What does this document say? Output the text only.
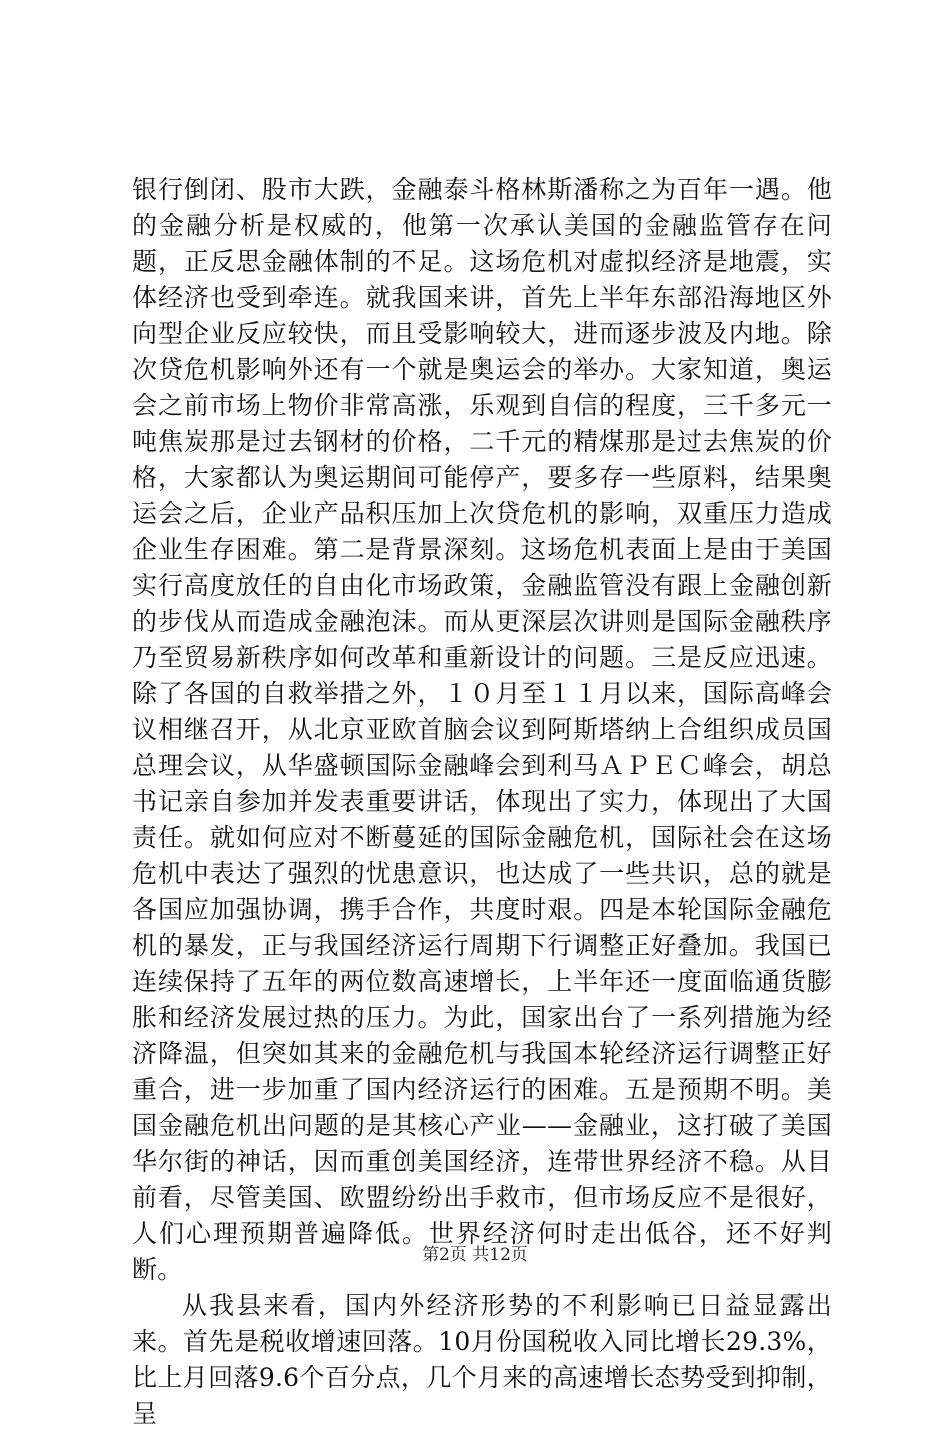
银行倒闭、股市大跌，金融泰斗格林斯潘称之为百年一遇。他的金融分析是权威的，他第一次承认美国的金融监管存在问题，正反思金融体制的不足。这场危机对虚拟经济是地震，实体经济也受到牵连。就我国来讲，首先上半年东部沿海地区外向型企业反应较快，而且受影响较大，进而逐步波及内地。除次贷危机影响外还有一个就是奥运会的举办。大家知道，奥运会之前市场上物价非常高涨，乐观到自信的程度，三千多元一吨焦炭那是过去钢材的价格，二千元的精煤那是过去焦炭的价格，大家都认为奥运期间可能停产，要多存一些原料，结果奥运会之后，企业产品积压加上次贷危机的影响，双重压力造成企业生存困难。第二是背景深刻。这场危机表面上是由于美国实行高度放任的自由化市场政策，金融监管没有跟上金融创新的步伐从而造成金融泡沫。而从更深层次讲则是国际金融秩序乃至贸易新秩序如何改革和重新设计的问题。三是反应迅速。除了各国的自救举措之外，１０月至１１月以来，国际高峰会议相继召开，从北京亚欧首脑会议到阿斯塔纳上合组织成员国总理会议，从华盛顿国际金融峰会到利马ＡＰＥＣ峰会，胡总书记亲自参加并发表重要讲话，体现出了实力，体现出了大国责任。就如何应对不断蔓延的国际金融危机，国际社会在这场危机中表达了强烈的忧患意识，也达成了一些共识，总的就是各国应加强协调，携手合作，共度时艰。四是本轮国际金融危机的暴发，正与我国经济运行周期下行调整正好叠加。我国已连续保持了五年的两位数高速增长，上半年还一度面临通货膨胀和经济发展过热的压力。为此，国家出台了一系列措施为经济降温，但突如其来的金融危机与我国本轮经济运行调整正好重合，进一步加重了国内经济运行的困难。五是预期不明。美国金融危机出问题的是其核心产业——金融业，这打破了美国华尔街的神话，因而重创美国经济，连带世界经济不稳。从目前看，尽管美国、欧盟纷纷出手救市，但市场反应不是很好，人们心理预期普遍降低。世界经济何时走出低谷，还不好判断。

从我县来看，国内外经济形势的不利影响已日益显露出来。首先是税收增速回落。10月份国税收入同比增长29.3%，比上月回落9.6个百分点，几个月来的高速增长态势受到抑制，呈

第2页 共12页
